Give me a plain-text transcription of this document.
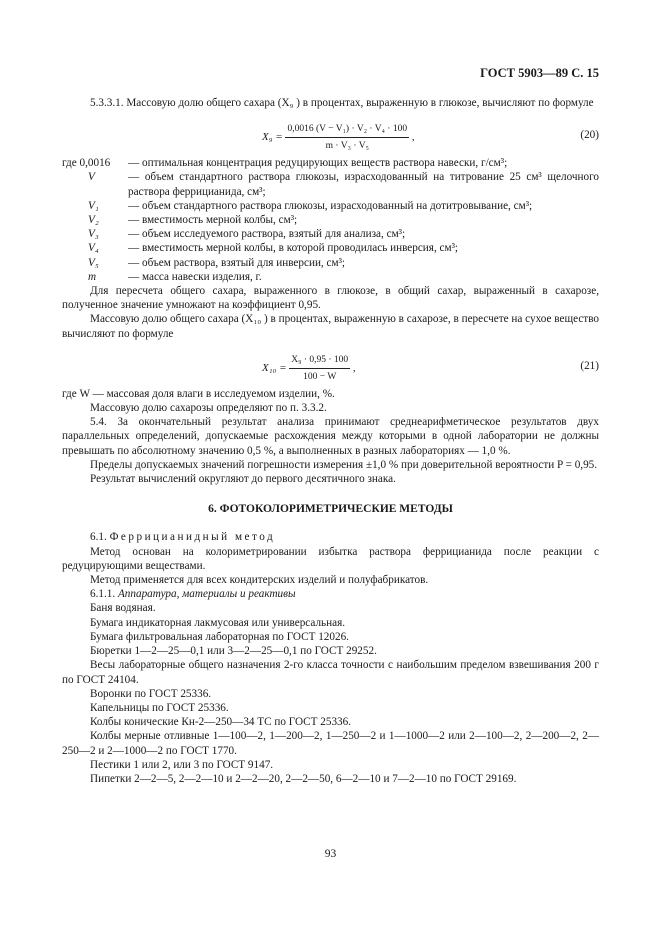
ГОСТ 5903—89 С. 15

5.3.3.1. Массовую долю общего сахара (X₉ ) в процентах, выраженную в глюкозе, вычисляют по формуле

$X_9 = \frac{\text{0,0016 (V − V₁) · V₂ · V₄ · 100}}{\text{m · V₃ · V₅}}$ ,	(20)
где 0,0016	— оптимальная концентрация редуцирующих веществ раствора навески, г/см³;
V	— объем стандартного раствора глюкозы, израсходованный на титрование 25 см³ щелочного раствора феррицианида, см³;
V₁	— объем стандартного раствора глюкозы, израсходованный на дотитровывание, см³;
V₂	— вместимость мерной колбы, см³;
V₃	— объем исследуемого раствора, взятый для анализа, см³;
V₄	— вместимость мерной колбы, в которой проводилась инверсия, см³;
V₅	— объем раствора, взятый для инверсии, см³;
m	— масса навески изделия, г.

Для пересчета общего сахара, выраженного в глюкозе, в общий сахар, выраженный в сахарозе, полученное значение умножают на коэффициент 0,95.

Массовую долю общего сахара (X₁₀ ) в процентах, выраженную в сахарозе, в пересчете на сухое вещество вычисляют по формуле

$X_{10} = \frac{\text{X₉ · 0,95 · 100}}{100 - W}$ ,	(21)

где W — массовая доля влаги в исследуемом изделии, %.

Массовую долю сахарозы определяют по п. 3.3.2.

5.4. За окончательный результат анализа принимают среднеарифметическое результатов двух параллельных определений, допускаемые расхождения между которыми в одной лаборатории не должны превышать по абсолютному значению 0,5 %, а выполненных в разных лабораториях — 1,0 %.

Пределы допускаемых значений погрешности измерения ±1,0 % при доверительной вероятности P = 0,95.

Результат вычислений округляют до первого десятичного знака.

6. ФОТОКОЛОРИМЕТРИЧЕСКИЕ МЕТОДЫ

6.1. Феррицианидный метод

Метод основан на колориметрировании избытка раствора феррицианида после реакции с редуцирующими веществами.

Метод применяется для всех кондитерских изделий и полуфабрикатов.

6.1.1. Аппаратура, материалы и реактивы

Баня водяная.

Бумага индикаторная лакмусовая или универсальная.

Бумага фильтровальная лабораторная по ГОСТ 12026.

Бюретки 1—2—25—0,1 или 3—2—25—0,1 по ГОСТ 29252.

Весы лабораторные общего назначения 2-го класса точности с наибольшим пределом взвешивания 200 г по ГОСТ 24104.

Воронки по ГОСТ 25336.

Капельницы по ГОСТ 25336.

Колбы конические Кн-2—250—34 ТС по ГОСТ 25336.

Колбы мерные отливные 1—100—2, 1—200—2, 1—250—2 и 1—1000—2 или 2—100—2, 2—200—2, 2—250—2 и 2—1000—2 по ГОСТ 1770.

Пестики 1 или 2, или 3 по ГОСТ 9147.

Пипетки 2—2—5, 2—2—10 и 2—2—20, 2—2—50, 6—2—10 и 7—2—10 по ГОСТ 29169.

93
